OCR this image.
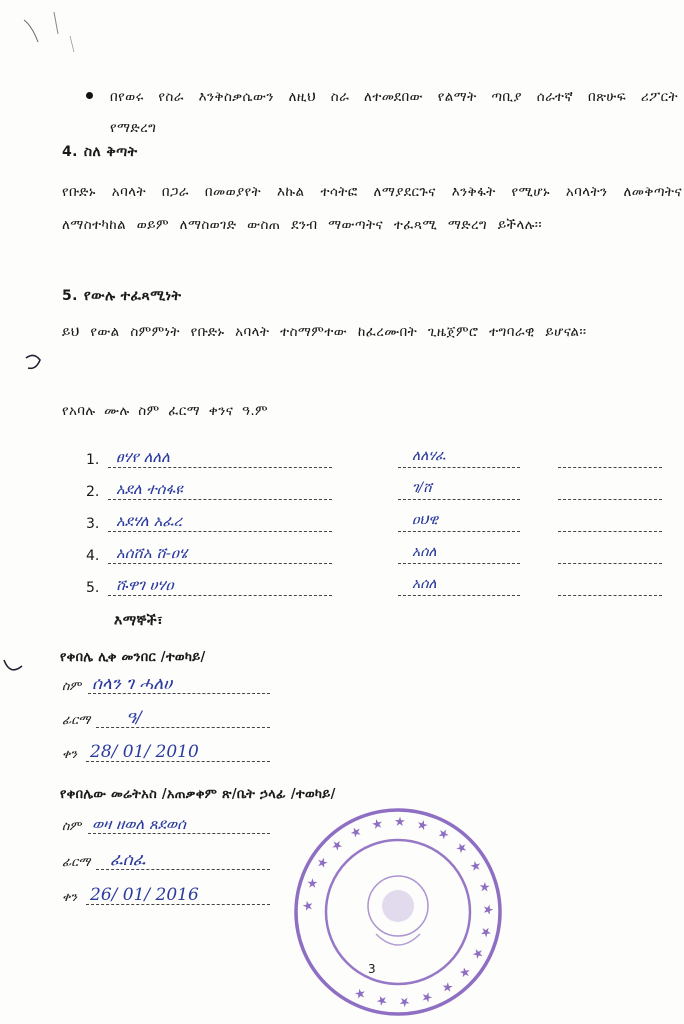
በየወሩ የስራ እንቅስቃሴውን ለዚህ ስራ ለተመደበው የልማት ጣቢያ ሰራተኛ በጽሁፍ ሪፖርት የማድረግ
4. ስለ ቅጣት
የቡድኑ አባላት በጋራ በመወያየት እኩል ተሳትፎ ለማያደርጉና እንቅፋት የሚሆኑ አባላትን ለመቅጣትና ለማስተካከል ወይም ለማስወገድ ውስጠ ደንብ ማውጣትና ተፈጻሚ ማድረግ ይችላሉ፡፡
5. የውሉ ተፈጻሚነት
ይህ የውል ስምምነት የቡድኑ አባላት ተስማምተው ከፈረሙበት ጊዜጀምሮ ተግባራዊ ይሆናል፡፡
የአባሉ ሙሉ ስም ፈርማ ቀንና ዓ.ም
1.	ፀሃየ ለለለ	ለለሃፈ
2.	አደለ ተሰፋዩ	ገ/ሸ
3.	አደሃለ አፈረ	ዐህዊ
4.	አሰሸአ ሸ-ዐሄ	አሰለ
5.	ሹዋገ ሀሃዐ	አሰለ
እማኞች፣
የቀበሌ ሊቀ መንበር /ተወካይ/
ስም ሰላን ገ ሓለሀ
ፊርማ	ዓ/
ቀን 28/ 01/ 2010
የቀበሌው መሬትአስ /አጠቃቀም ጽ/ቤት ኃላፊ /ተወካይ/
ስም ወዛ ዘወለ ጸደወሰ
ፊርማ	ፈሰፈ
ቀን 26/ 01/ 2016	★ ★ ★ ★ ★ ★ ★ ★ ★ ★ ★ ★ ★ ★ ★ ★ ★ ★ ★ ★ ★
3
